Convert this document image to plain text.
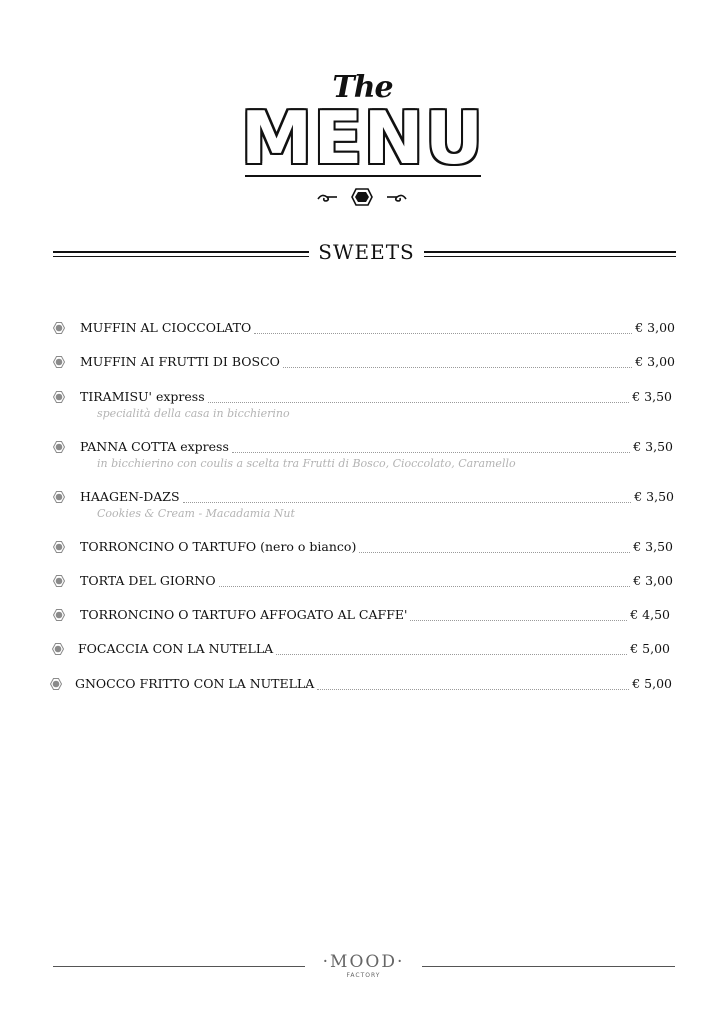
The
MENU
SWEETS
MUFFIN AL CIOCCOLATO	€ 3,00
MUFFIN AI FRUTTI DI BOSCO	€ 3,00
TIRAMISU' express	€ 3,50
specialità della casa in bicchierino
PANNA COTTA express	€ 3,50
in bicchierino con coulis a scelta tra Frutti di Bosco, Cioccolato, Caramello
HAAGEN-DAZS	€ 3,50
Cookies & Cream - Macadamia Nut
TORRONCINO O TARTUFO (nero o bianco)	€ 3,50
TORTA DEL GIORNO	€ 3,00
TORRONCINO O TARTUFO AFFOGATO AL CAFFE'	€ 4,50
FOCACCIA CON LA NUTELLA	€ 5,00
GNOCCO FRITTO CON LA NUTELLA	€ 5,00
·MOOD·
FACTORY
